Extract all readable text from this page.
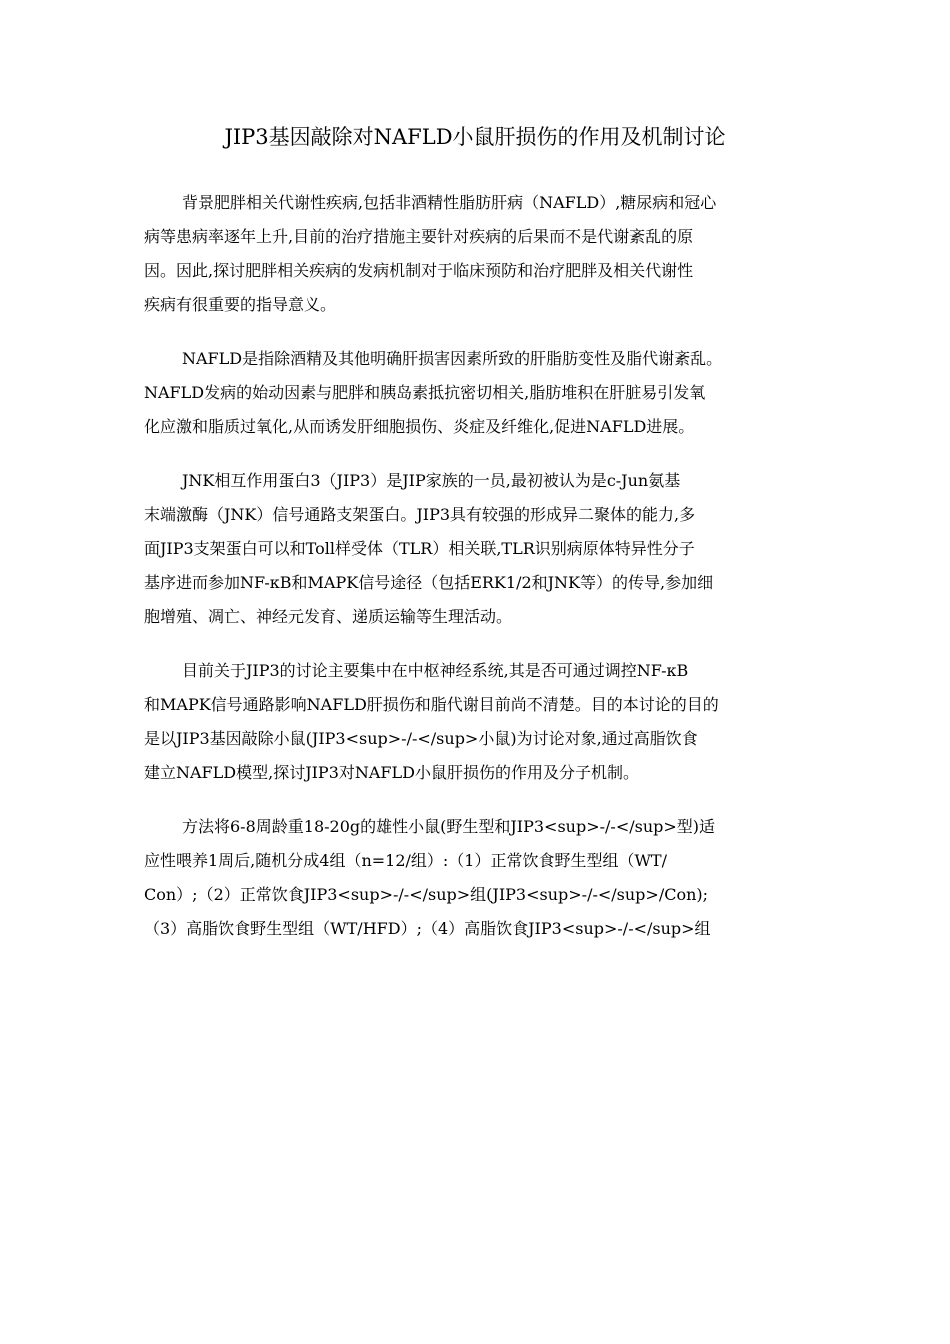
JIP3基因敲除对NAFLD小鼠肝损伤的作用及机制讨论
背景肥胖相关代谢性疾病,包括非酒精性脂肪肝病（NAFLD）,糖尿病和冠心
病等患病率逐年上升,目前的治疗措施主要针对疾病的后果而不是代谢紊乱的原
因。因此,探讨肥胖相关疾病的发病机制对于临床预防和治疗肥胖及相关代谢性
疾病有很重要的指导意义。
NAFLD是指除酒精及其他明确肝损害因素所致的肝脂肪变性及脂代谢紊乱。
NAFLD发病的始动因素与肥胖和胰岛素抵抗密切相关,脂肪堆积在肝脏易引发氧
化应激和脂质过氧化,从而诱发肝细胞损伤、炎症及纤维化,促进NAFLD进展。
JNK相互作用蛋白3（JIP3）是JIP家族的一员,最初被认为是c-Jun氨基
末端激酶（JNK）信号通路支架蛋白。JIP3具有较强的形成异二聚体的能力,多
面JIP3支架蛋白可以和Toll样受体（TLR）相关联,TLR识别病原体特异性分子
基序进而参加NF-κB和MAPK信号途径（包括ERK1/2和JNK等）的传导,参加细
胞增殖、凋亡、神经元发育、递质运输等生理活动。
目前关于JIP3的讨论主要集中在中枢神经系统,其是否可通过调控NF-κB
和MAPK信号通路影响NAFLD肝损伤和脂代谢目前尚不清楚。目的本讨论的目的
是以JIP3基因敲除小鼠(JIP3<sup>-/-</sup>小鼠)为讨论对象,通过高脂饮食
建立NAFLD模型,探讨JIP3对NAFLD小鼠肝损伤的作用及分子机制。
方法将6-8周龄重18-20g的雄性小鼠(野生型和JIP3<sup>-/-</sup>型)适
应性喂养1周后,随机分成4组（n=12/组）:（1）正常饮食野生型组（WT/
Con）;（2）正常饮食JIP3<sup>-/-</sup>组(JIP3<sup>-/-</sup>/Con);
（3）高脂饮食野生型组（WT/HFD）;（4）高脂饮食JIP3<sup>-/-</sup>组
